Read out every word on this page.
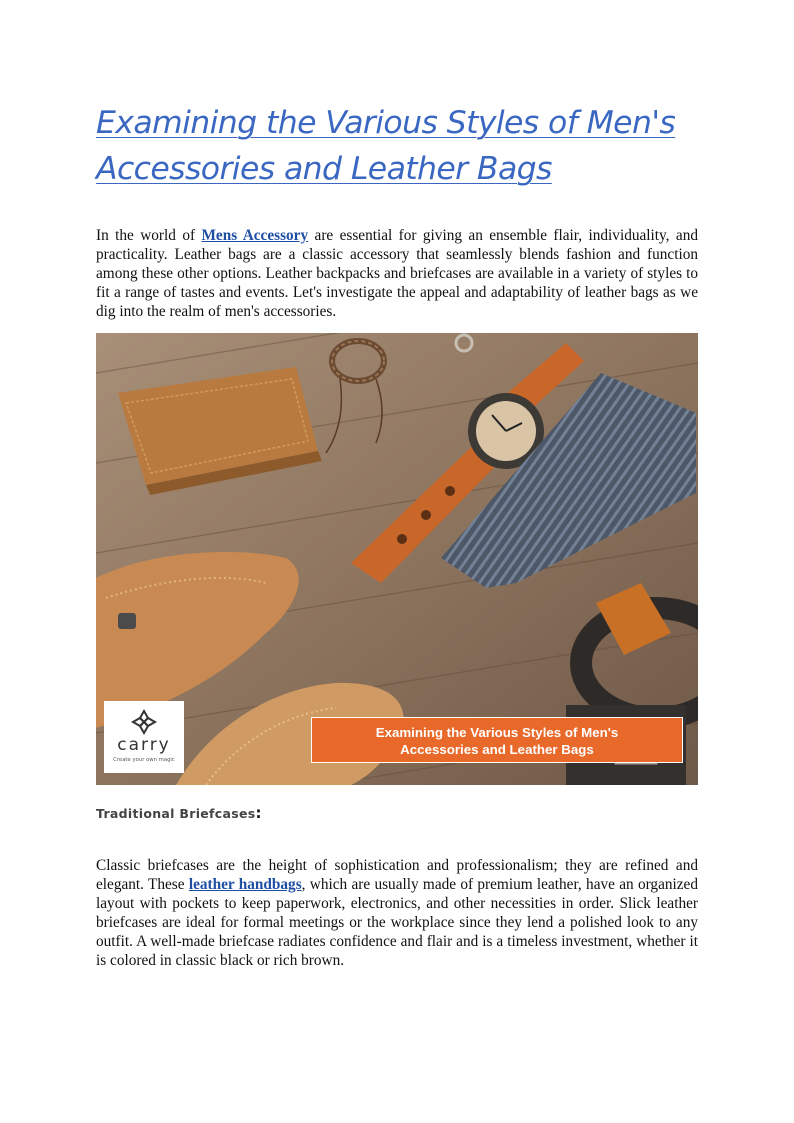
Examining the Various Styles of Men's Accessories and Leather Bags

In the world of Mens Accessory are essential for giving an ensemble flair, individuality, and practicality. Leather bags are a classic accessory that seamlessly blends fashion and function among these other options. Leather backpacks and briefcases are available in a variety of styles to fit a range of tastes and events. Let's investigate the appeal and adaptability of leather bags as we dig into the realm of men's accessories.

carry
Create your own magic
Examining the Various Styles of Men's
Accessories and Leather Bags
Traditional Briefcases:

Classic briefcases are the height of sophistication and professionalism; they are refined and elegant. These leather handbags, which are usually made of premium leather, have an organized layout with pockets to keep paperwork, electronics, and other necessities in order. Slick leather briefcases are ideal for formal meetings or the workplace since they lend a polished look to any outfit. A well-made briefcase radiates confidence and flair and is a timeless investment, whether it is colored in classic black or rich brown.
